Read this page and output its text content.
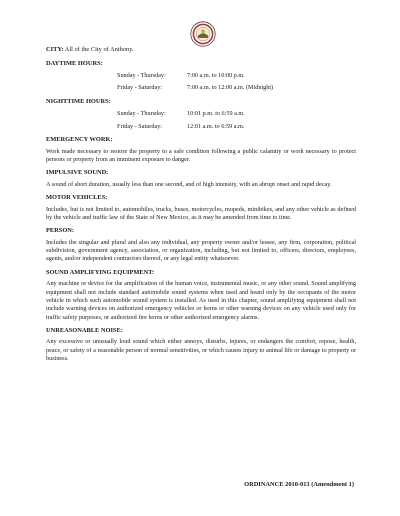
CITY: All of the City of Anthony.
DAYTIME HOURS:
Sunday - Thursday:	7:00 a.m. to 10:00 p.m.
Friday - Saturday:	7:00 a.m. to 12:00 a.m. (Midnight)
NIGHTTIME HOURS:
Sunday - Thursday:	10:01 p.m. to 6:59 a.m.
Friday - Saturday:	12:01 a.m. to 6:59 a.m.
EMERGENCY WORK:
Work made necessary to restore the property to a safe condition following a public calamity or work necessary to protect persons or property from an imminent exposure to danger.
IMPULSIVE SOUND:
A sound of short duration, usually less than one second, and of high intensity, with an abrupt onset and rapid decay.
MOTOR VEHICLES:
Includes, but is not limited to, automobiles, trucks, buses, motorcycles, mopeds, minibikes, and any other vehicle as defined by the vehicle and traffic law of the State of New Mexico, as it may be amended from time to time.
PERSON:
Includes the singular and plural and also any individual, any property owner and/or lessee, any firm, corporation, political subdivision, government agency, association, or organization, including, but not limited to, officers, directors, employees, agents, and/or independent contractors thereof, or any legal entity whatsoever.
SOUND AMPLIFYING EQUIPMENT:
Any machine or device for the amplification of the human voice, instrumental music, or any other sound. Sound amplifying equipment shall not include standard automobile sound systems when used and heard only by the occupants of the motor vehicle in which such automobile sound system is installed. As used in this chapter, sound amplifying equipment shall not include warning devices on authorized emergency vehicles or horns or other warning devices on any vehicle used only for traffic safety purposes, or authorized fire horns or other authorized emergency alarms.
UNREASONABLE NOISE:
Any excessive or unusually loud sound which either annoys, disturbs, injures, or endangers the comfort, repose, health, peace, or safety of a reasonable person of normal sensitivities, or which causes injury to animal life or damage to property or business.
ORDINANCE 2010-013 (Amendment 1)
